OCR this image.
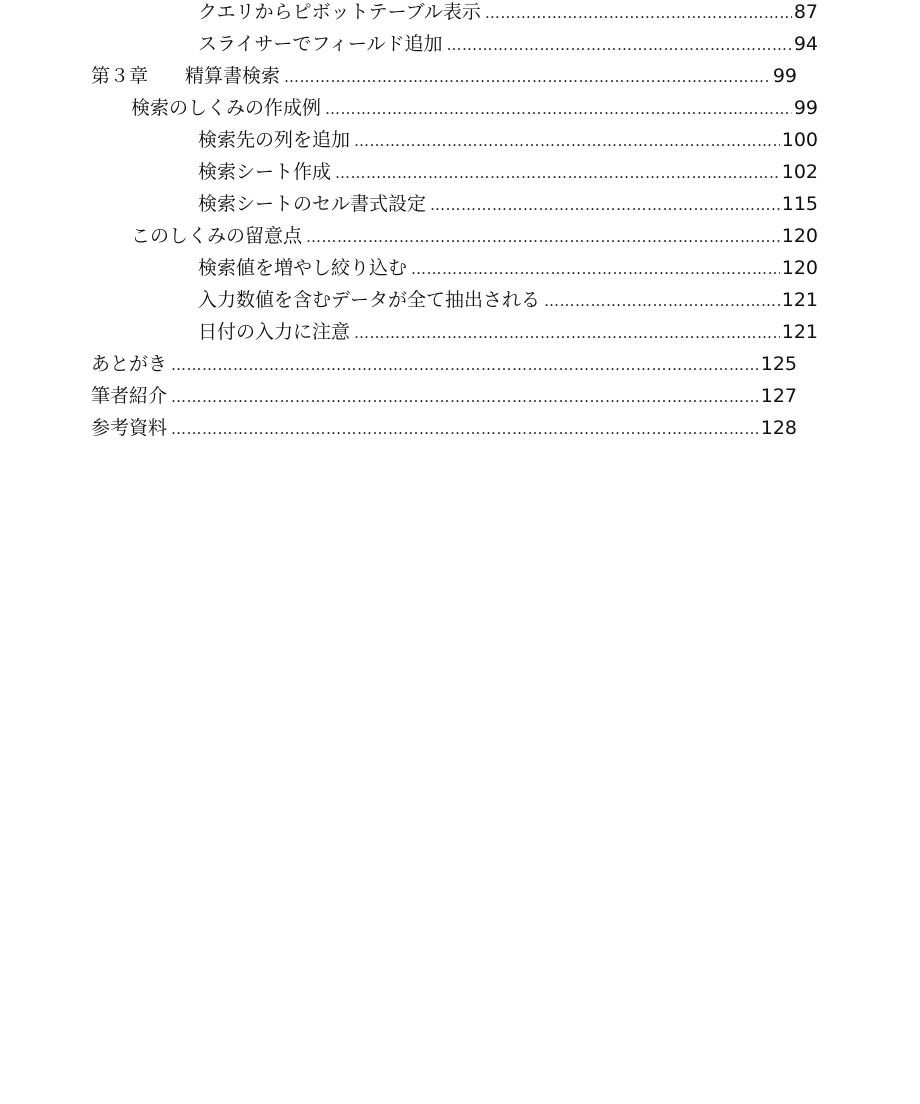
クエリからピボットテーブル表示 ………………………………………………………………………………………………………………………………………………………………………………	87
スライサーでフィールド追加 ………………………………………………………………………………………………………………………………………………………………………………	94
第３章 精算書検索 ………………………………………………………………………………………………………………………………………………………………………………	99
検索のしくみの作成例 ………………………………………………………………………………………………………………………………………………………………………………	99
検索先の列を追加 ………………………………………………………………………………………………………………………………………………………………………………	100
検索シート作成 ………………………………………………………………………………………………………………………………………………………………………………	102
検索シートのセル書式設定 ………………………………………………………………………………………………………………………………………………………………………………	115
このしくみの留意点 ………………………………………………………………………………………………………………………………………………………………………………	120
検索値を増やし絞り込む ………………………………………………………………………………………………………………………………………………………………………………	120
入力数値を含むデータが全て抽出される ………………………………………………………………………………………………………………………………………………………………………………	121
日付の入力に注意 ………………………………………………………………………………………………………………………………………………………………………………	121
あとがき ………………………………………………………………………………………………………………………………………………………………………………	125
筆者紹介 ………………………………………………………………………………………………………………………………………………………………………………	127
参考資料 ………………………………………………………………………………………………………………………………………………………………………………	128
